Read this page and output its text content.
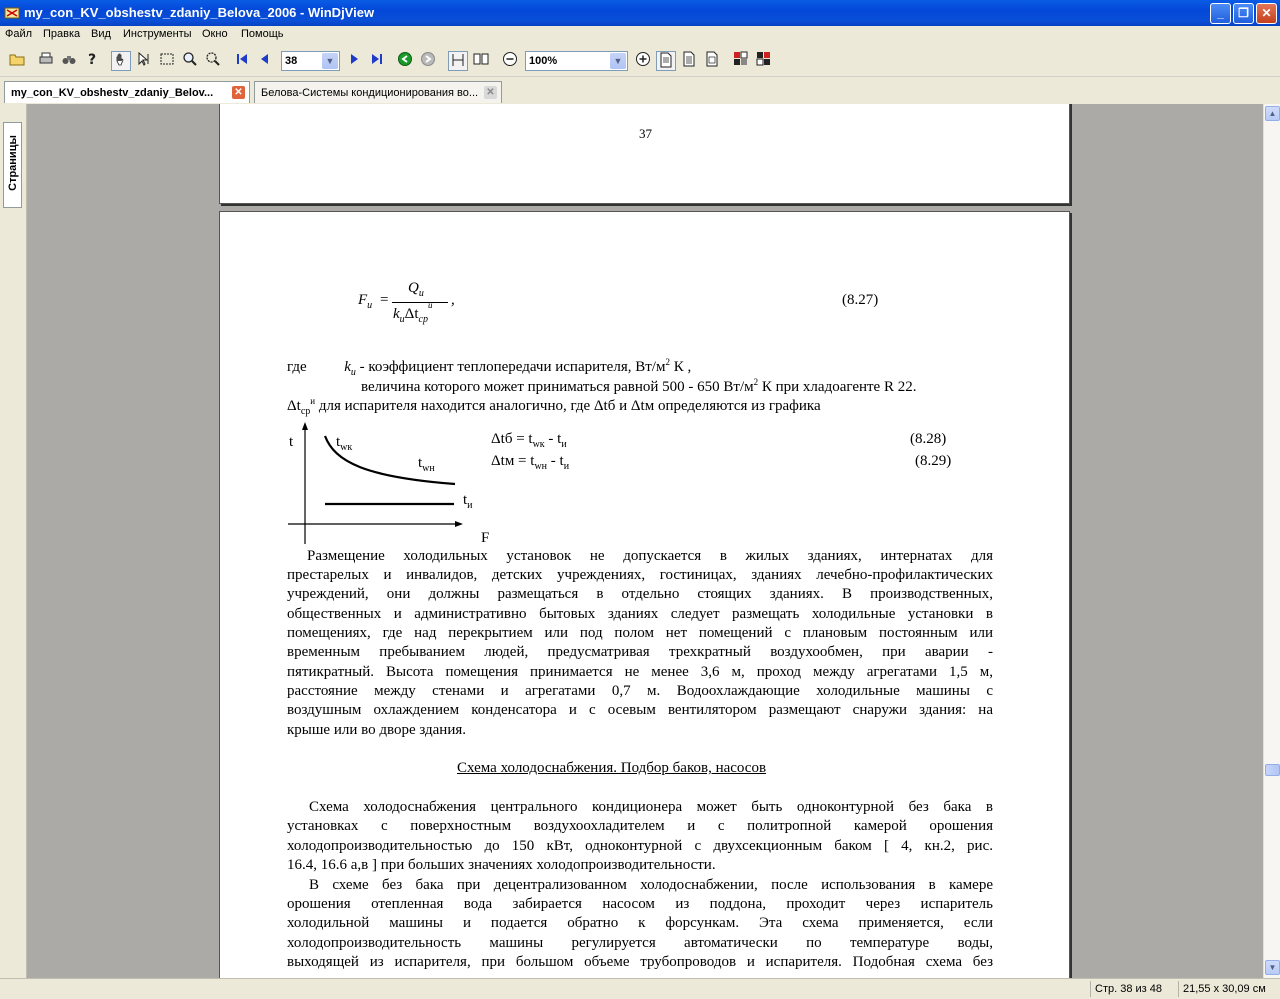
my_con_KV_obshestv_zdaniy_Belova_2006 - WinDjView	_	❐	✕
Файл Правка Вид Инструменты Окно Помощь
?	38	▼	100%	▼
my_con_KV_obshestv_zdaniy_Belov... ✕	Белова-Системы кондиционирования во... ✕
Страницы
37
$F_и$ =
$Q_и$
$k_и\Delta t_{ср}^и$ ,	(8.27)
где	$k_и$ - коэффициент теплопередачи испарителя, $Вт/м^2$ К ,
величина которого может приниматься равной 500 - 650 $Вт/м^2$ К при хладоагенте R 22.
$\Delta t_{ср}^и$ для испарителя находится аналогично, где Δtб и Δtм определяются из графика
t
F
$t_{wк}$
$t_{wн}$
$t_и$
$\Delta tб = t_{wк} - t_и$	(8.28)
$\Delta tм = t_{wн} - t_и$	(8.29)
Размещение холодильных установок не допускается в жилых зданиях, интернатах для
престарелых и инвалидов, детских учреждениях, гостиницах, зданиях лечебно-профилактических
учреждений, они должны размещаться в отдельно стоящих зданиях. В производственных,
общественных и административно бытовых зданиях следует размещать холодильные установки в
помещениях, где над перекрытием или под полом нет помещений с плановым постоянным или
временным пребыванием людей, предусматривая трехкратный воздухообмен, при аварии -
пятикратный. Высота помещения принимается не менее 3,6 м, проход между агрегатами 1,5 м,
расстояние между стенами и агрегатами 0,7 м. Водоохлаждающие холодильные машины с
воздушным охлаждением конденсатора и с осевым вентилятором размещают снаружи здания: на
крыше или во дворе здания.
Схема холодоснабжения. Подбор баков, насосов
Схема холодоснабжения центрального кондиционера может быть одноконтурной без бака в
установках с поверхностным воздухоохладителем и с политропной камерой орошения
холодопроизводительностью до 150 кВт, одноконтурной с двухсекционным баком [ 4, кн.2, рис.
16.4, 16.6 а,в ] при больших значениях холодопроизводительности.
В схеме без бака при децентрализованном холодоснабжении, после использования в камере
орошения отепленная вода забирается насосом из поддона, проходит через испаритель
холодильной машины и подается обратно к форсункам. Эта схема применяется, если
холодопроизводительность машины регулируется автоматически по температуре воды,
выходящей из испарителя, при большом объеме трубопроводов и испарителя. Подобная схема без
▲
▼
Стр. 38 из 48	21,55 x 30,09 см
